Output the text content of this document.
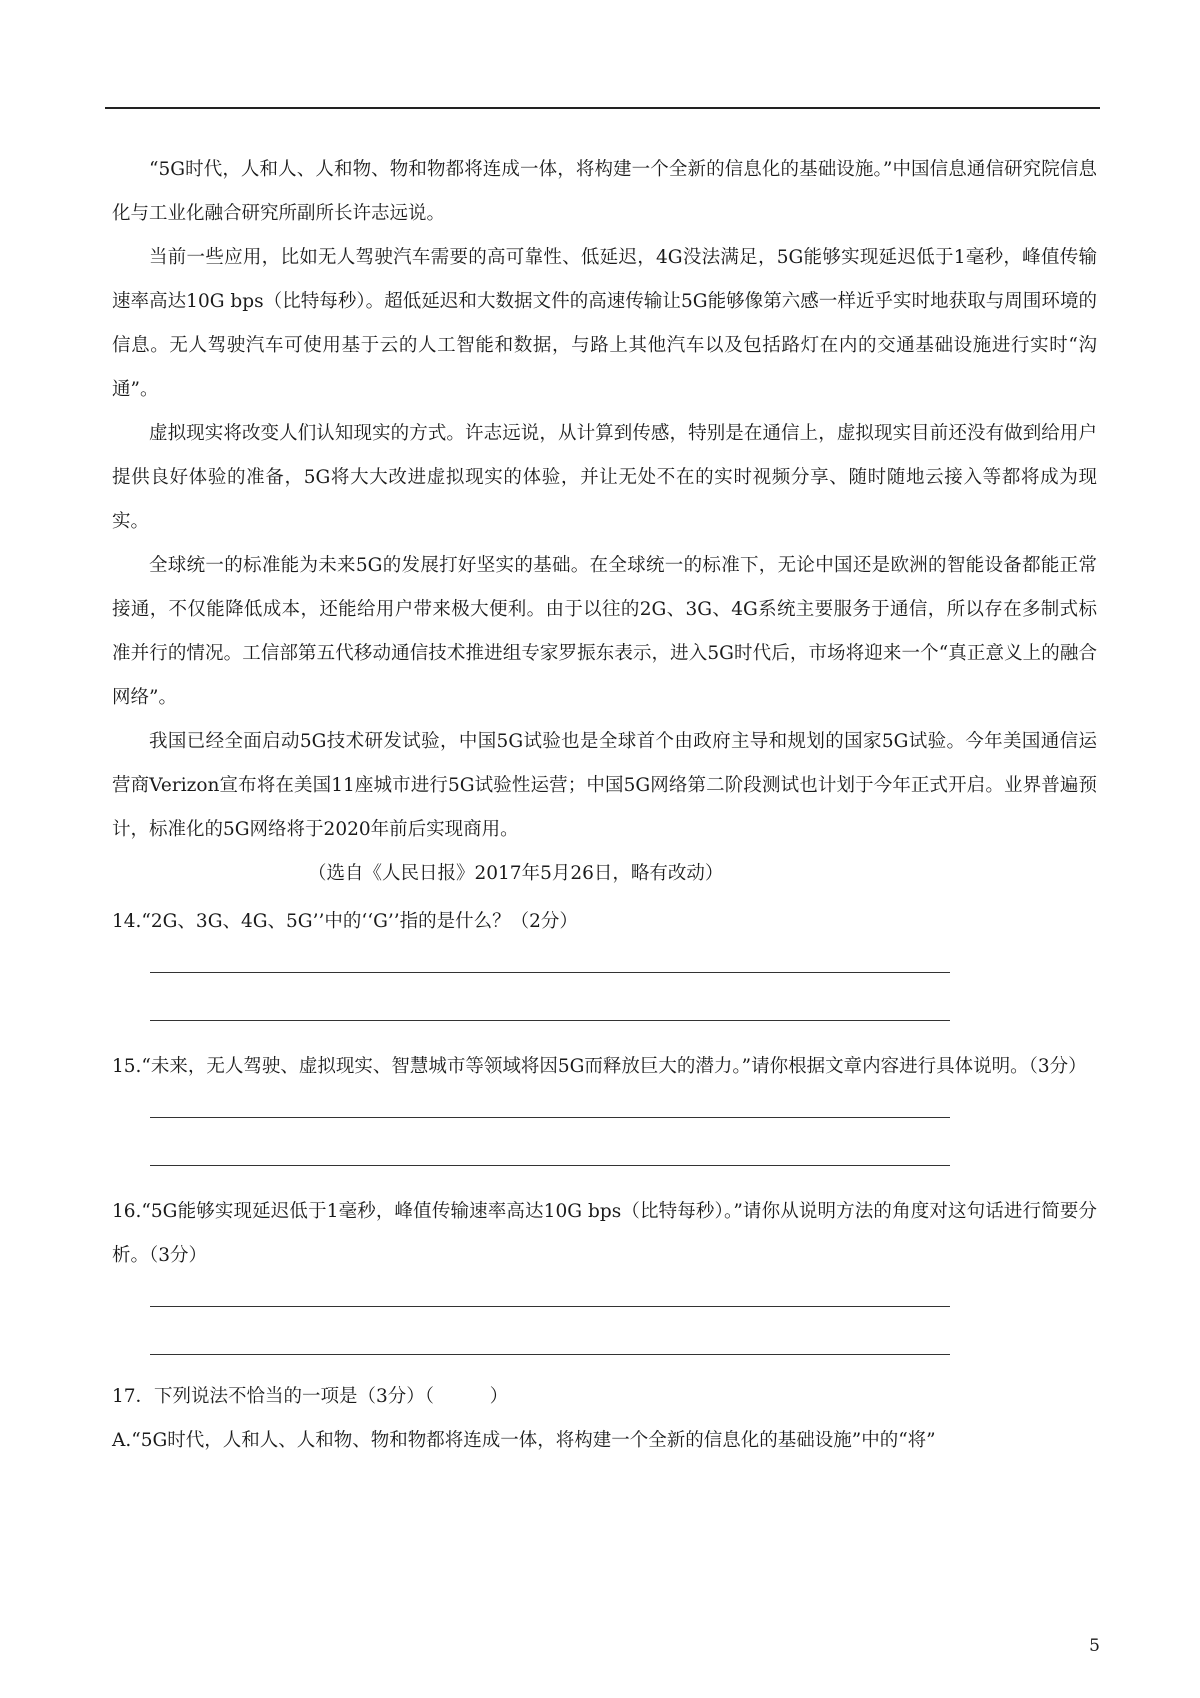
“5G时代，人和人、人和物、物和物都将连成一体，将构建一个全新的信息化的基础设施。”中国信息通信研究院信息化与工业化融合研究所副所长许志远说。

当前一些应用，比如无人驾驶汽车需要的高可靠性、低延迟，4G没法满足，5G能够实现延迟低于1毫秒，峰值传输速率高达10G bps（比特每秒）。超低延迟和大数据文件的高速传输让5G能够像第六感一样近乎实时地获取与周围环境的信息。无人驾驶汽车可使用基于云的人工智能和数据，与路上其他汽车以及包括路灯在内的交通基础设施进行实时“沟通”。

虚拟现实将改变人们认知现实的方式。许志远说，从计算到传感，特别是在通信上，虚拟现实目前还没有做到给用户提供良好体验的准备，5G将大大改进虚拟现实的体验，并让无处不在的实时视频分享、随时随地云接入等都将成为现实。

全球统一的标准能为未来5G的发展打好坚实的基础。在全球统一的标准下，无论中国还是欧洲的智能设备都能正常接通，不仅能降低成本，还能给用户带来极大便利。由于以往的2G、3G、4G系统主要服务于通信，所以存在多制式标准并行的情况。工信部第五代移动通信技术推进组专家罗振东表示，进入5G时代后，市场将迎来一个“真正意义上的融合网络”。

我国已经全面启动5G技术研发试验，中国5G试验也是全球首个由政府主导和规划的国家5G试验。今年美国通信运营商Verizon宣布将在美国11座城市进行5G试验性运营；中国5G网络第二阶段测试也计划于今年正式开启。业界普遍预计，标准化的5G网络将于2020年前后实现商用。

（选自《人民日报》2017年5月26日，略有改动）

14.“2G、3G、4G、5G’’中的‘‘G’’指的是什么？（2分）

15.“未来，无人驾驶、虚拟现实、智慧城市等领域将因5G而释放巨大的潜力。”请你根据文章内容进行具体说明。（3分）

16.“5G能够实现延迟低于1毫秒，峰值传输速率高达10G bps（比特每秒）。”请你从说明方法的角度对这句话进行简要分析。（3分）

17．下列说法不恰当的一项是（3分）（　　　）

A.“5G时代，人和人、人和物、物和物都将连成一体，将构建一个全新的信息化的基础设施”中的“将”

5
